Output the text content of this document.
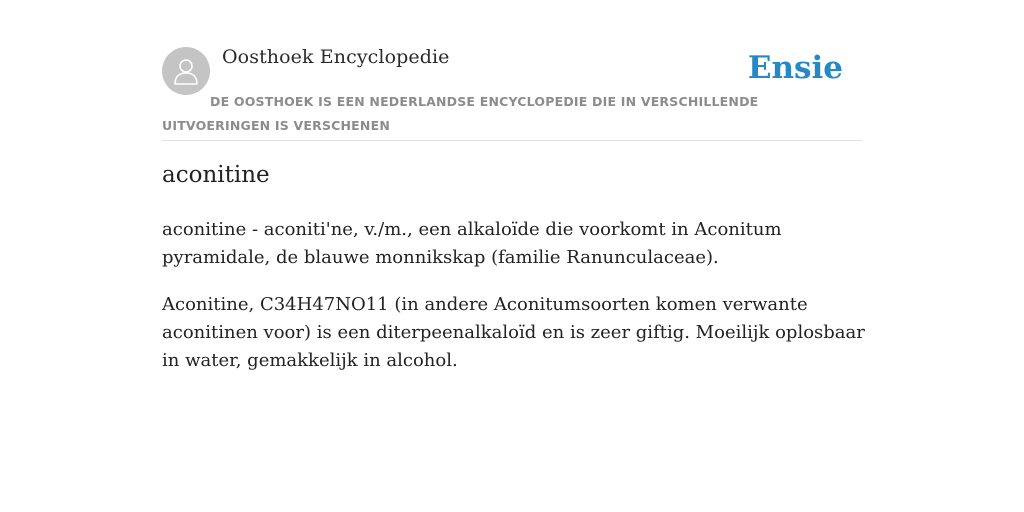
Oosthoek Encyclopedie	Ensie
DE OOSTHOEK IS EEN NEDERLANDSE ENCYCLOPEDIE DIE IN VERSCHILLENDE UITVOERINGEN IS VERSCHENEN
aconitine

aconitine - aconiti'ne, v./m., een alkaloïde die voorkomt in Aconitum pyramidale, de blauwe monnikskap (familie Ranunculaceae).

Aconitine, C34H47NO11 (in andere Aconitumsoorten komen verwante aconitinen voor) is een diterpeenalkaloïd en is zeer giftig. Moeilijk oplosbaar in water, gemakkelijk in alcohol.
